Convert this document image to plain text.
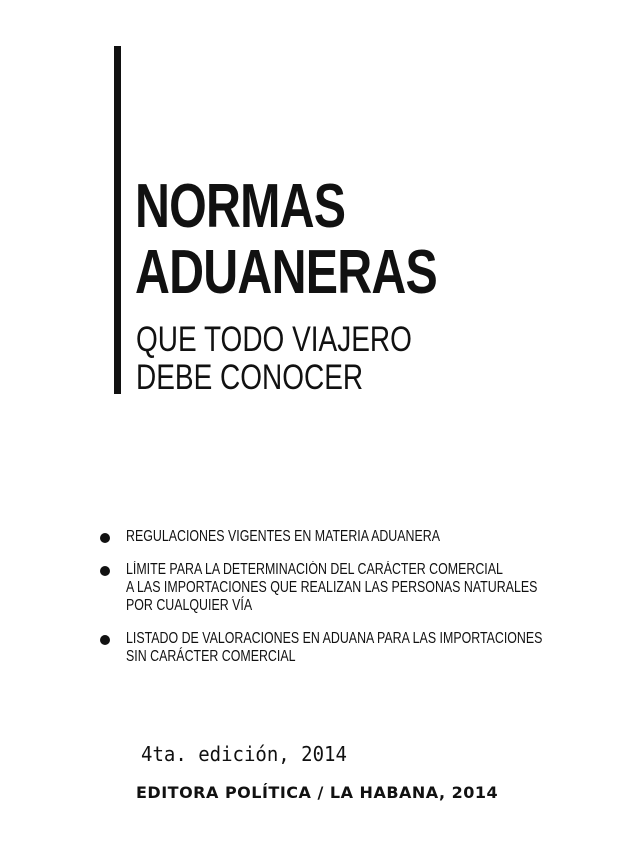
NORMAS
ADUANERAS
QUE TODO VIAJERO
DEBE CONOCER
REGULACIONES VIGENTES EN MATERIA ADUANERA
LÍMITE PARA LA DETERMINACIÓN DEL CARÁCTER COMERCIAL
A LAS IMPORTACIONES QUE REALIZAN LAS PERSONAS NATURALES
POR CUALQUIER VÍA
LISTADO DE VALORACIONES EN ADUANA PARA LAS IMPORTACIONES
SIN CARÁCTER COMERCIAL
4ta. edición, 2014
EDITORA POLÍTICA / LA HABANA, 2014
